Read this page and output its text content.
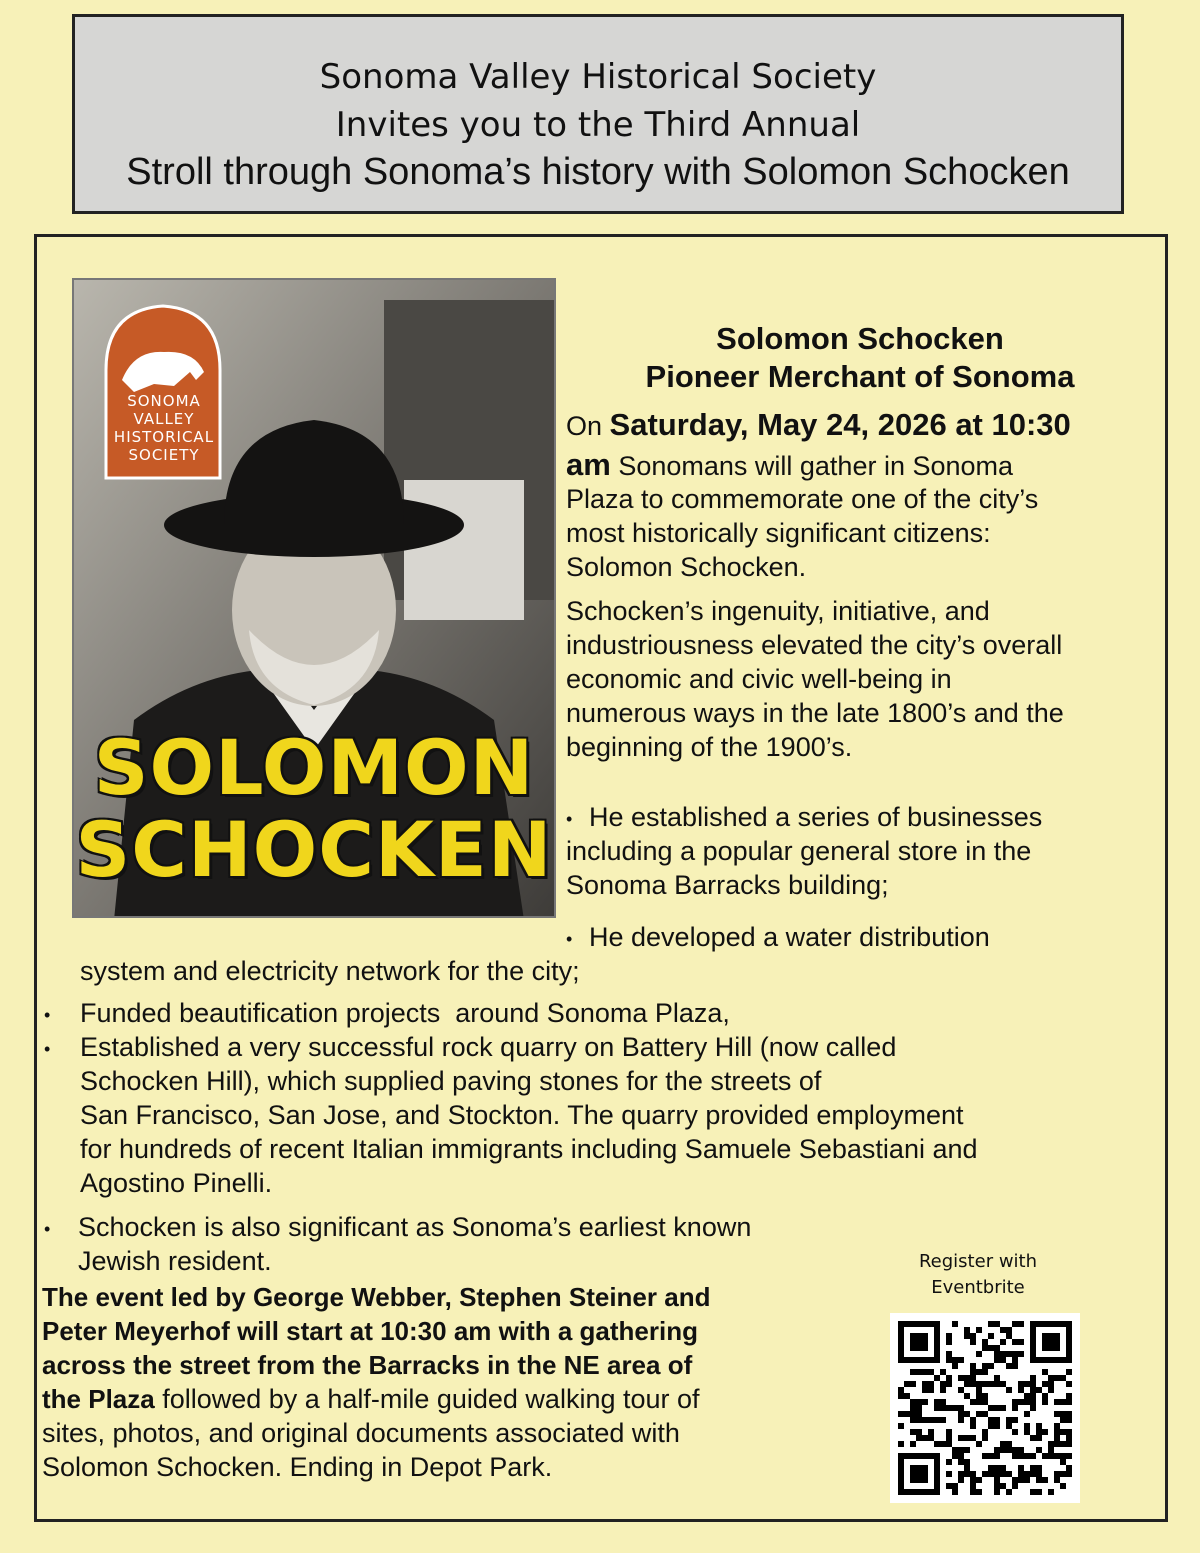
Sonoma Valley Historical Society
Invites you to the Third Annual
Stroll through Sonoma’s history with Solomon Schocken
SONOMA
VALLEY
HISTORICAL
SOCIETY
SOLOMON
SCHOCKEN
Solomon Schocken
Pioneer Merchant of Sonoma
On Saturday, May 24, 2026 at 10:30
am Sonomans will gather in Sonoma
Plaza to commemorate one of the city’s
most historically significant citizens:
Solomon Schocken.
Schocken’s ingenuity, initiative, and
industriousness elevated the city’s overall
economic and civic well-being in
numerous ways in the late 1800’s and the
beginning of the 1900’s.
• He established a series of businesses
including a popular general store in the
Sonoma Barracks building;
• He developed a water distribution
system and electricity network for the city;
• Funded beautification projects  around Sonoma Plaza,
• Established a very successful rock quarry on Battery Hill (now called
Schocken Hill), which supplied paving stones for the streets of
San Francisco, San Jose, and Stockton. The quarry provided employment
for hundreds of recent Italian immigrants including Samuele Sebastiani and
Agostino Pinelli.
• Schocken is also significant as Sonoma’s earliest known
Jewish resident.
The event led by George Webber, Stephen Steiner and
Peter Meyerhof will start at 10:30 am with a gathering
across the street from the Barracks in the NE area of
the Plaza followed by a half-mile guided walking tour of
sites, photos, and original documents associated with
Solomon Schocken. Ending in Depot Park.
Register with
Eventbrite
